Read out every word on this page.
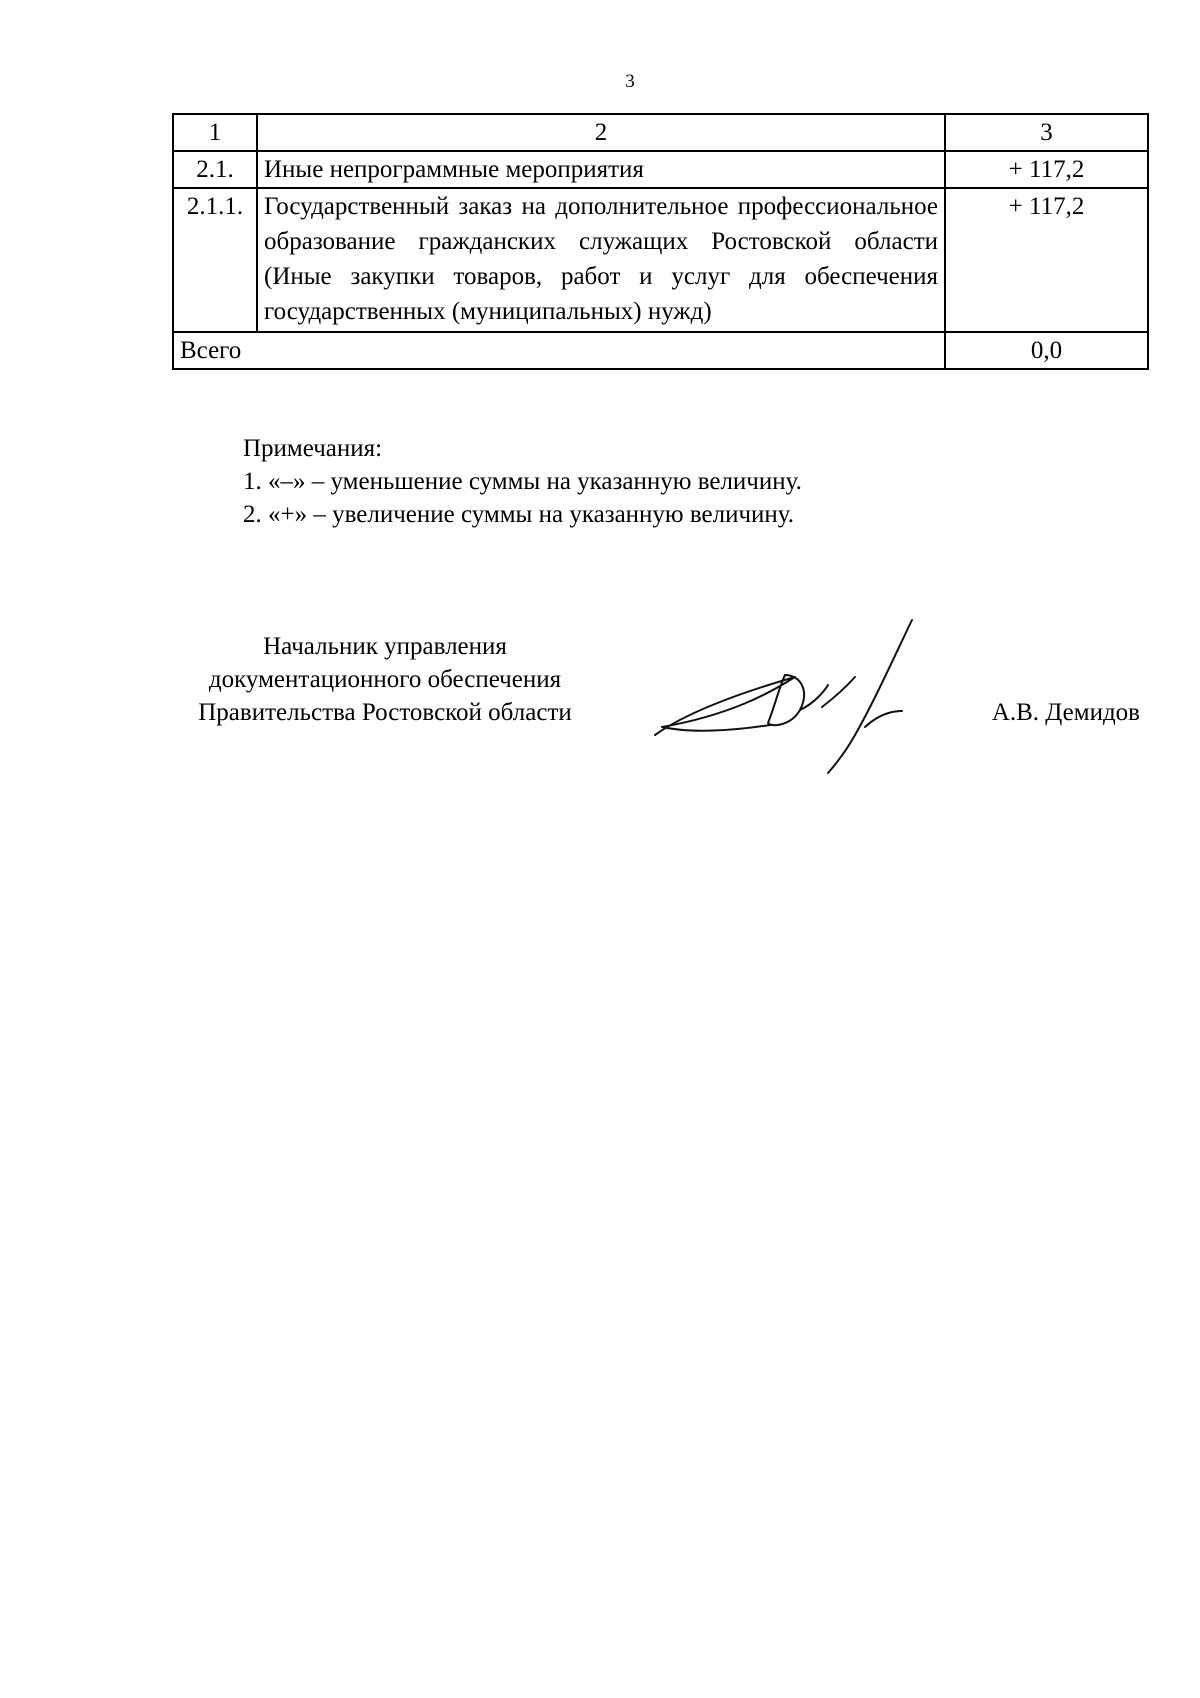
3
1	2	3
2.1.	Иные непрограммные мероприятия	+ 117,2
2.1.1.	Государственный заказ на дополнительное профессиональное образование гражданских служащих Ростовской области (Иные закупки товаров, работ и услуг для обеспечения государственных (муниципальных) нужд)	+ 117,2
Всего		0,0
Примечания:
1. «–» – уменьшение суммы на указанную величину.
2. «+» – увеличение суммы на указанную величину.
Начальник управления
документационного обеспечения
Правительства Ростовской области	А.В. Демидов
